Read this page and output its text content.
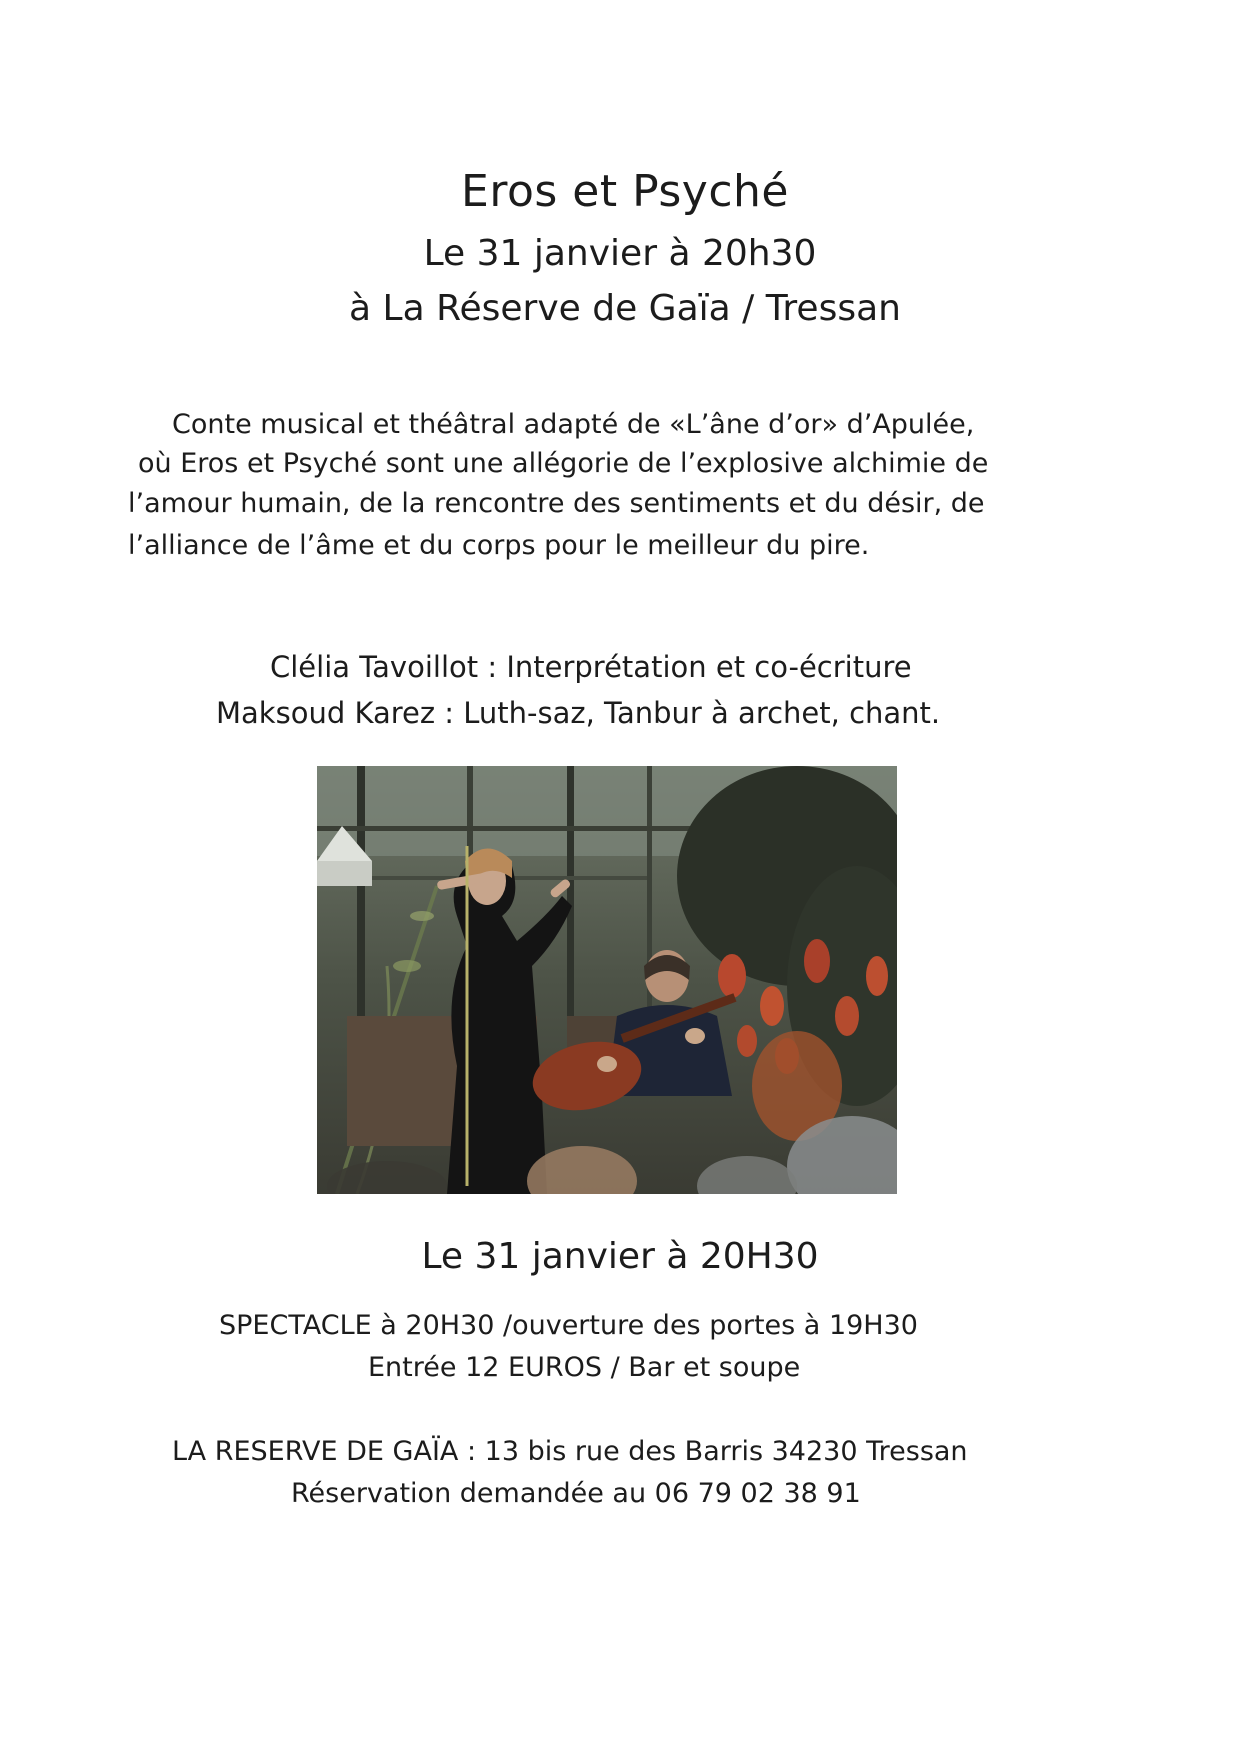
Eros et Psyché
Le 31 janvier à 20h30
à La Réserve de Gaïa / Tressan
Conte musical et théâtral adapté de «L’âne d’or» d’Apulée,
où Eros et Psyché sont une allégorie de l’explosive alchimie de
l’amour humain, de la rencontre des sentiments et du désir, de
l’alliance de l’âme et du corps pour le meilleur du pire.
Clélia Tavoillot : Interprétation et co-écriture
Maksoud Karez : Luth-saz, Tanbur à archet, chant.
Le 31 janvier à 20H30
SPECTACLE à 20H30 /ouverture des portes à 19H30
Entrée 12 EUROS / Bar et soupe
LA RESERVE DE GAÏA : 13 bis rue des Barris 34230 Tressan
Réservation demandée au 06 79 02 38 91
